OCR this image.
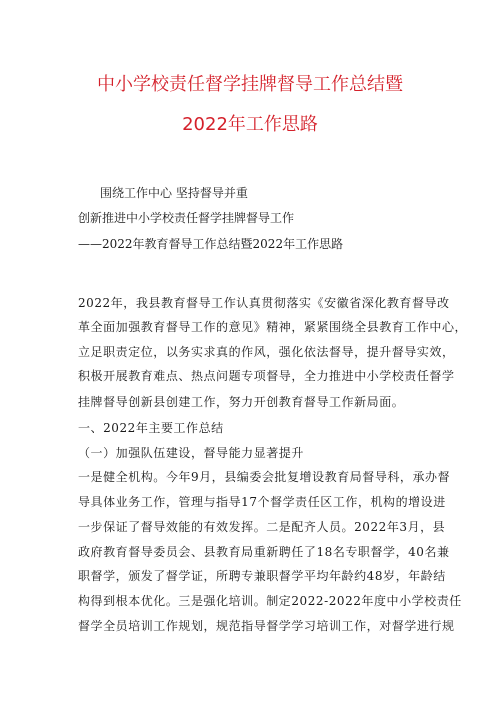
中小学校责任督学挂牌督导工作总结暨
2022年工作思路

围绕工作中心 坚持督导并重

创新推进中小学校责任督学挂牌督导工作

——2022年教育督导工作总结暨2022年工作思路

2022年，我县教育督导工作认真贯彻落实《安徽省深化教育督导改

革全面加强教育督导工作的意见》精神，紧紧围绕全县教育工作中心，

立足职责定位，以务实求真的作风，强化依法督导，提升督导实效，

积极开展教育难点、热点问题专项督导，全力推进中小学校责任督学

挂牌督导创新县创建工作，努力开创教育督导工作新局面。

一、2022年主要工作总结

（一）加强队伍建设，督导能力显著提升

一是健全机构。今年9月，县编委会批复增设教育局督导科，承办督

导具体业务工作，管理与指导17个督学责任区工作，机构的增设进

一步保证了督导效能的有效发挥。二是配齐人员。2022年3月，县

政府教育督导委员会、县教育局重新聘任了18名专职督学，40名兼

职督学，颁发了督学证，所聘专兼职督学平均年龄约48岁，年龄结

构得到根本优化。三是强化培训。制定2022-2022年度中小学校责任

督学全员培训工作规划，规范指导督学学习培训工作，对督学进行规
